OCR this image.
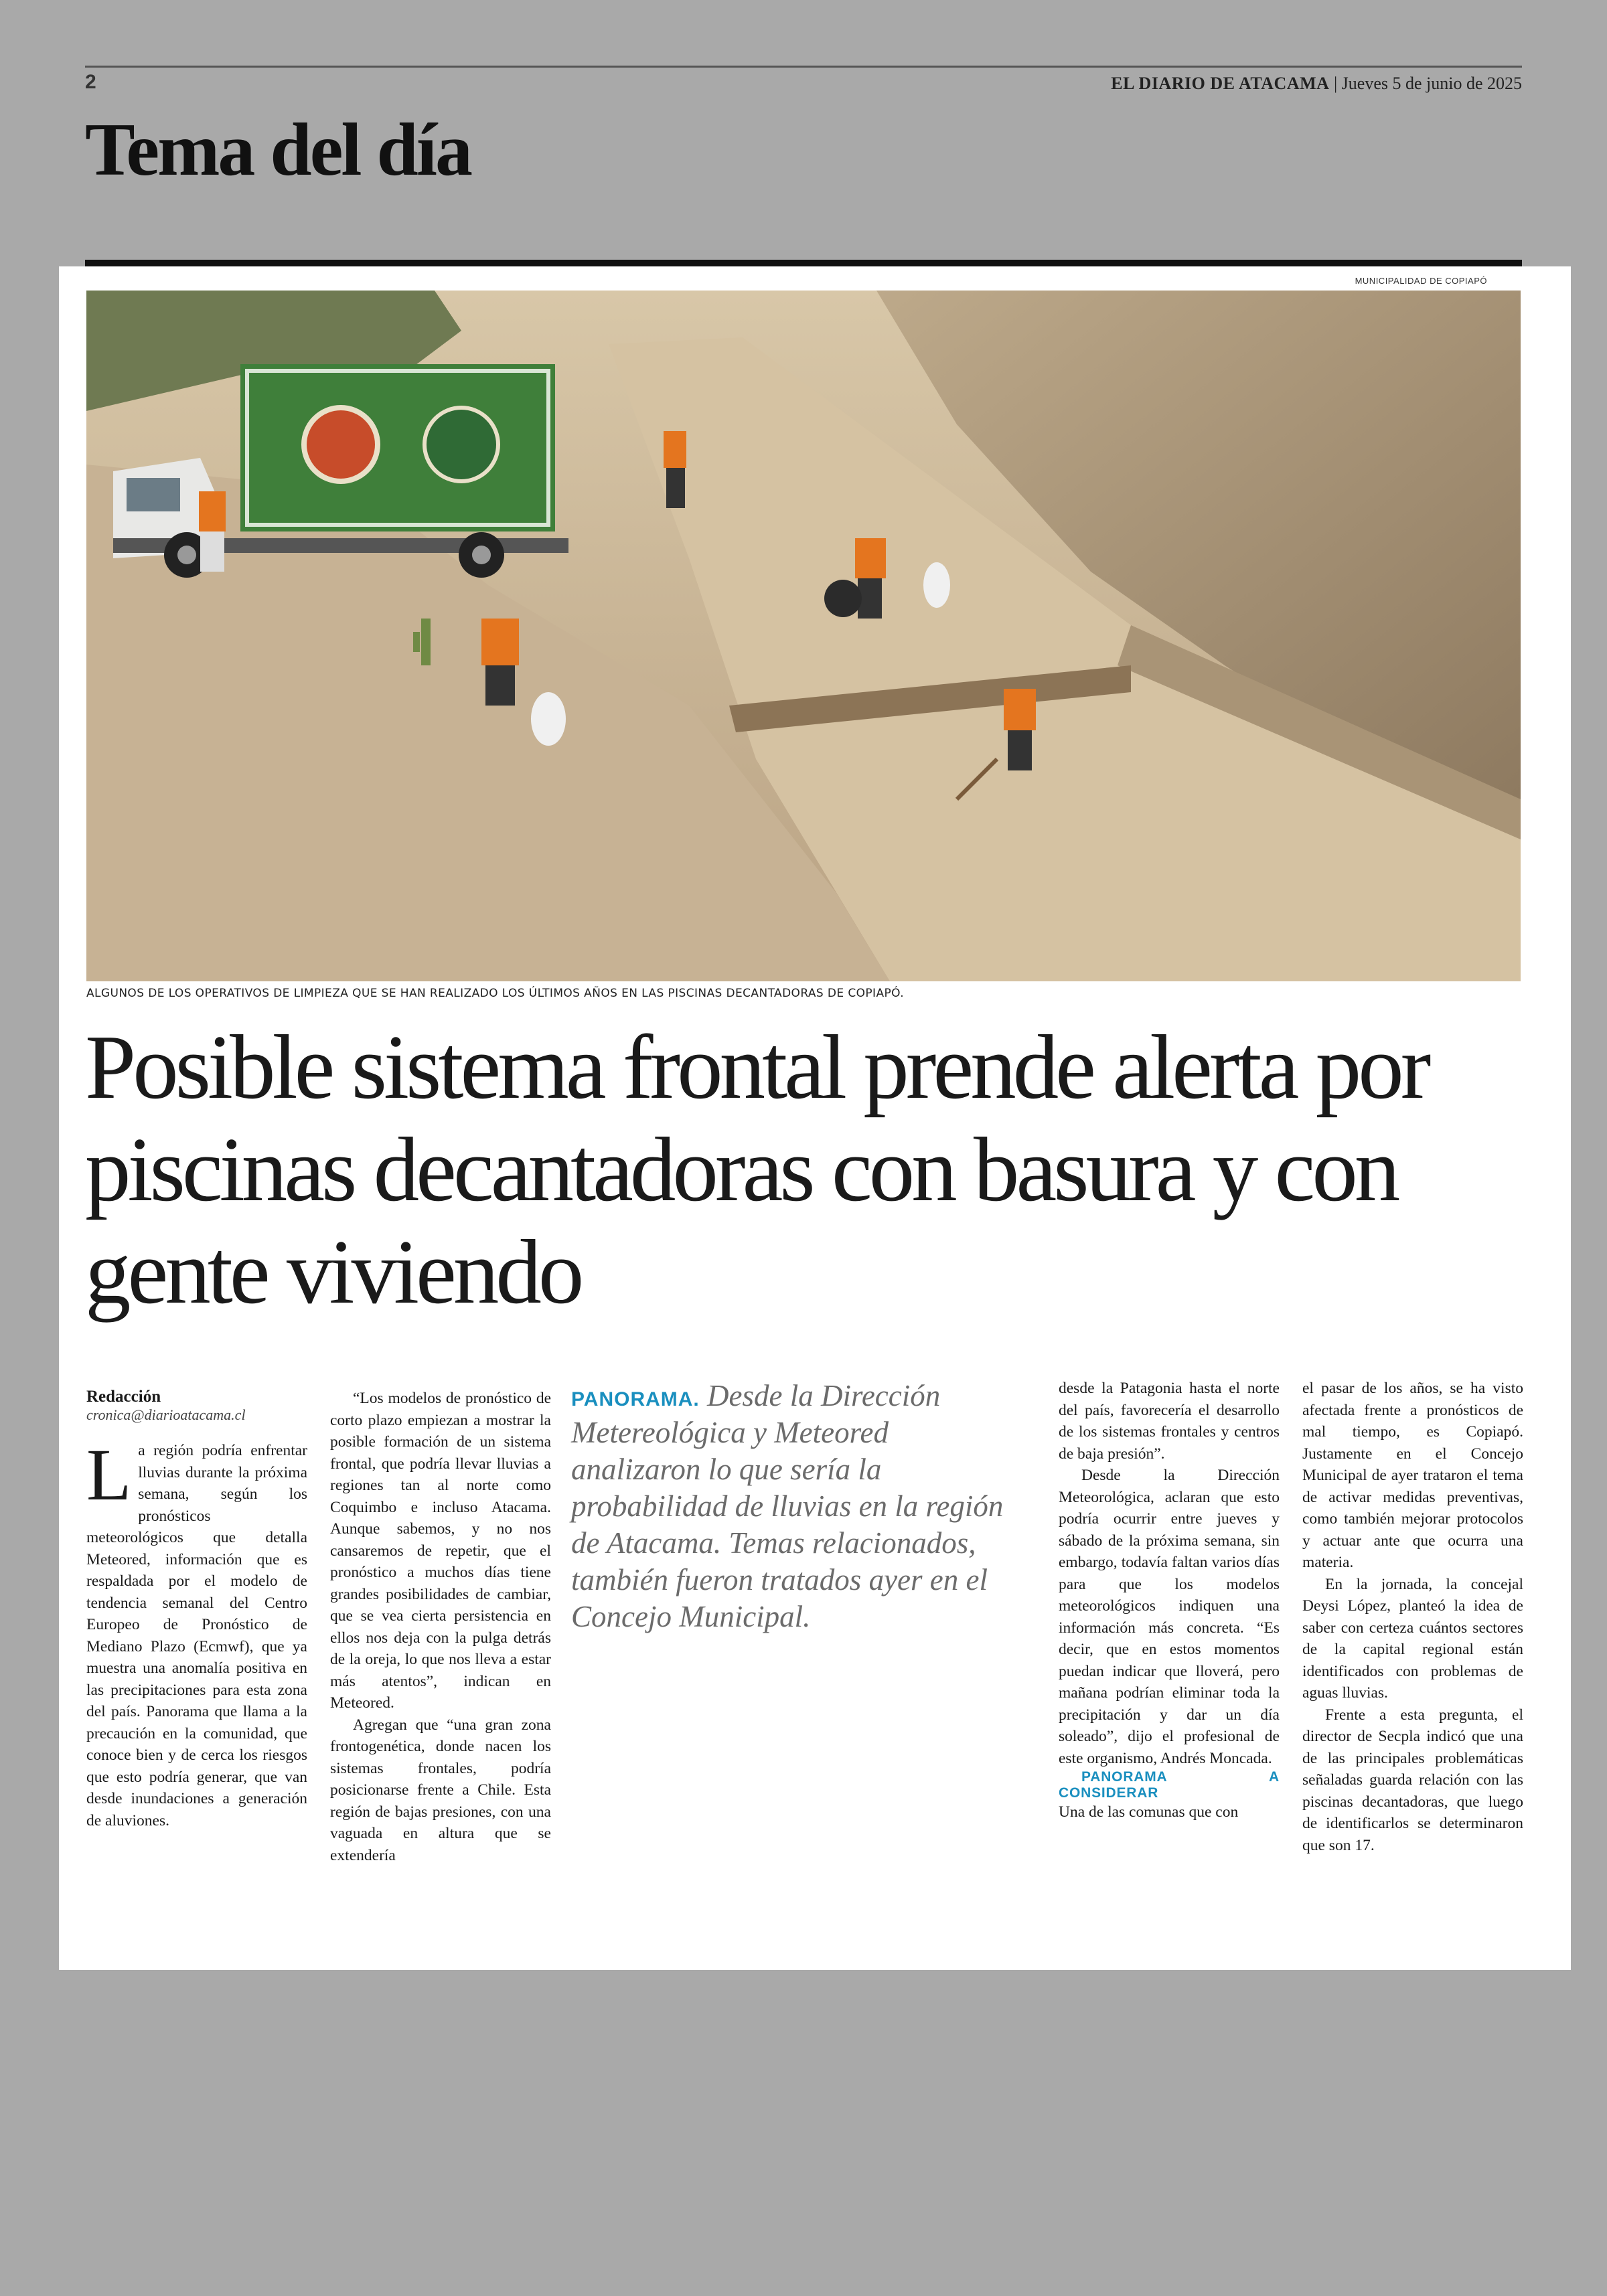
2	EL DIARIO DE ATACAMA | Jueves 5 de junio de 2025
Tema del día
MUNICIPALIDAD DE COPIAPÓ
ALGUNOS DE LOS OPERATIVOS DE LIMPIEZA QUE SE HAN REALIZADO LOS ÚLTIMOS AÑOS EN LAS PISCINAS DECANTADORAS DE COPIAPÓ.
Posible sistema frontal prende alerta por piscinas decantadoras con basura y con gente viviendo
Redacción
cronica@diarioatacama.cl

La región podría enfrentar lluvias durante la próxima semana, según los pronósticos meteorológicos que detalla Meteored, información que es respaldada por el modelo de tendencia semanal del Centro Europeo de Pronóstico de Mediano Plazo (Ecmwf), que ya muestra una anomalía positiva en las precipitaciones para esta zona del país. Panorama que llama a la precaución en la comunidad, que conoce bien y de cerca los riesgos que esto podría generar, que van desde inundaciones a generación de aluviones.

“Los modelos de pronóstico de corto plazo empiezan a mostrar la posible formación de un sistema frontal, que podría llevar lluvias a regiones tan al norte como Coquimbo e incluso Atacama. Aunque sabemos, y no nos cansaremos de repetir, que el pronóstico a muchos días tiene grandes posibilidades de cambiar, que se vea cierta persistencia en ellos nos deja con la pulga detrás de la oreja, lo que nos lleva a estar más atentos”, indican en Meteored.

Agregan que “una gran zona frontogenética, donde nacen los sistemas frontales, podría posicionarse frente a Chile. Esta región de bajas presiones, con una vaguada en altura que se extendería

PANORAMA. Desde la Dirección Metereológica y Meteored analizaron lo que sería la probabilidad de lluvias en la región de Atacama. Temas relacionados, también fueron tratados ayer en el Concejo Municipal.

desde la Patagonia hasta el norte del país, favorecería el desarrollo de los sistemas frontales y centros de baja presión”.

Desde la Dirección Meteorológica, aclaran que esto podría ocurrir entre jueves y sábado de la próxima semana, sin embargo, todavía faltan varios días para que los modelos meteorológicos indiquen una información más concreta. “Es decir, que en estos momentos puedan indicar que lloverá, pero mañana podrían eliminar toda la precipitación y dar un día soleado”, dijo el profesional de este organismo, Andrés Moncada.

PANORAMA A CONSIDERAR

Una de las comunas que con

el pasar de los años, se ha visto afectada frente a pronósticos de mal tiempo, es Copiapó. Justamente en el Concejo Municipal de ayer trataron el tema de activar medidas preventivas, como también mejorar protocolos y actuar ante que ocurra una materia.

En la jornada, la concejal Deysi López, planteó la idea de saber con certeza cuántos sectores de la capital regional están identificados con problemas de aguas lluvias.

Frente a esta pregunta, el director de Secpla indicó que una de las principales problemáticas señaladas guarda relación con las piscinas decantadoras, que luego de identificarlos se determinaron que son 17.
